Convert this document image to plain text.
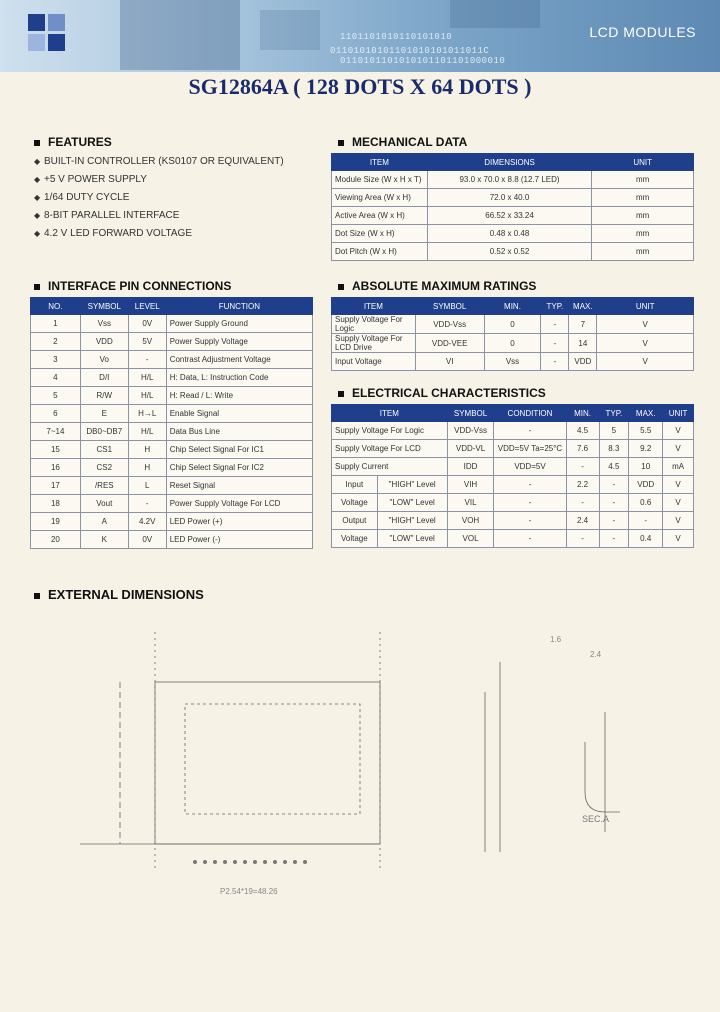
1101101010110101010
01101010101101010101011011C
0110101101010101101101000010
LCD MODULES
SG12864A ( 128 DOTS X 64 DOTS )
FEATURES
◆ BUILT-IN CONTROLLER (KS0107 OR EQUIVALENT)
◆ +5 V POWER SUPPLY
◆ 1/64 DUTY CYCLE
◆ 8-BIT PARALLEL INTERFACE
◆ 4.2 V LED FORWARD VOLTAGE
MECHANICAL DATA
ITEM	DIMENSIONS	UNIT
Module Size (W x H x T)	93.0 x 70.0 x 8.8 (12.7 LED)	mm
Viewing Area (W x H)	72.0 x 40.0	mm
Active Area (W x H)	66.52 x 33.24	mm
Dot Size (W x H)	0.48 x 0.48	mm
Dot Pitch (W x H)	0.52 x 0.52	mm
INTERFACE PIN CONNECTIONS
NO.	SYMBOL	LEVEL	FUNCTION
1	Vss	0V	Power Supply Ground
2	VDD	5V	Power Supply Voltage
3	Vo	-	Contrast Adjustment Voltage
4	D/I	H/L	H: Data, L: Instruction Code
5	R/W	H/L	H: Read / L: Write
6	E	H→L	Enable Signal
7~14	DB0~DB7	H/L	Data Bus Line
15	CS1	H	Chip Select Signal For IC1
16	CS2	H	Chip Select Signal For IC2
17	/RES	L	Reset Signal
18	Vout	-	Power Supply Voltage For LCD
19	A	4.2V	LED Power (+)
20	K	0V	LED Power (-)
ABSOLUTE MAXIMUM RATINGS
ITEM	SYMBOL	MIN.	TYP.	MAX.	UNIT
Supply Voltage For Logic	VDD-Vss	0	-	7	V
Supply Voltage For LCD Drive	VDD-VEE	0	-	14	V
Input Voltage	VI	Vss	-	VDD	V
ELECTRICAL CHARACTERISTICS
ITEM		SYMBOL	CONDITION	MIN.	TYP.	MAX.	UNIT
Supply Voltage For Logic		VDD-Vss	-	4.5	5	5.5	V
Supply Voltage For LCD		VDD-VL	VDD=5V Ta=25°C	7.6	8.3	9.2	V
Supply Current		IDD	VDD=5V	-	4.5	10	mA
Input	"HIGH" Level	VIH	-	2.2	-	VDD	V
Voltage	"LOW" Level	VIL	-	-	-	0.6	V
Output	"HIGH" Level	VOH	-	2.4	-	-	V
Voltage	"LOW" Level	VOL	-	-	-	0.4	V
EXTERNAL DIMENSIONS
SEC.A
P2.54*19=48.26
1.6
2.4
